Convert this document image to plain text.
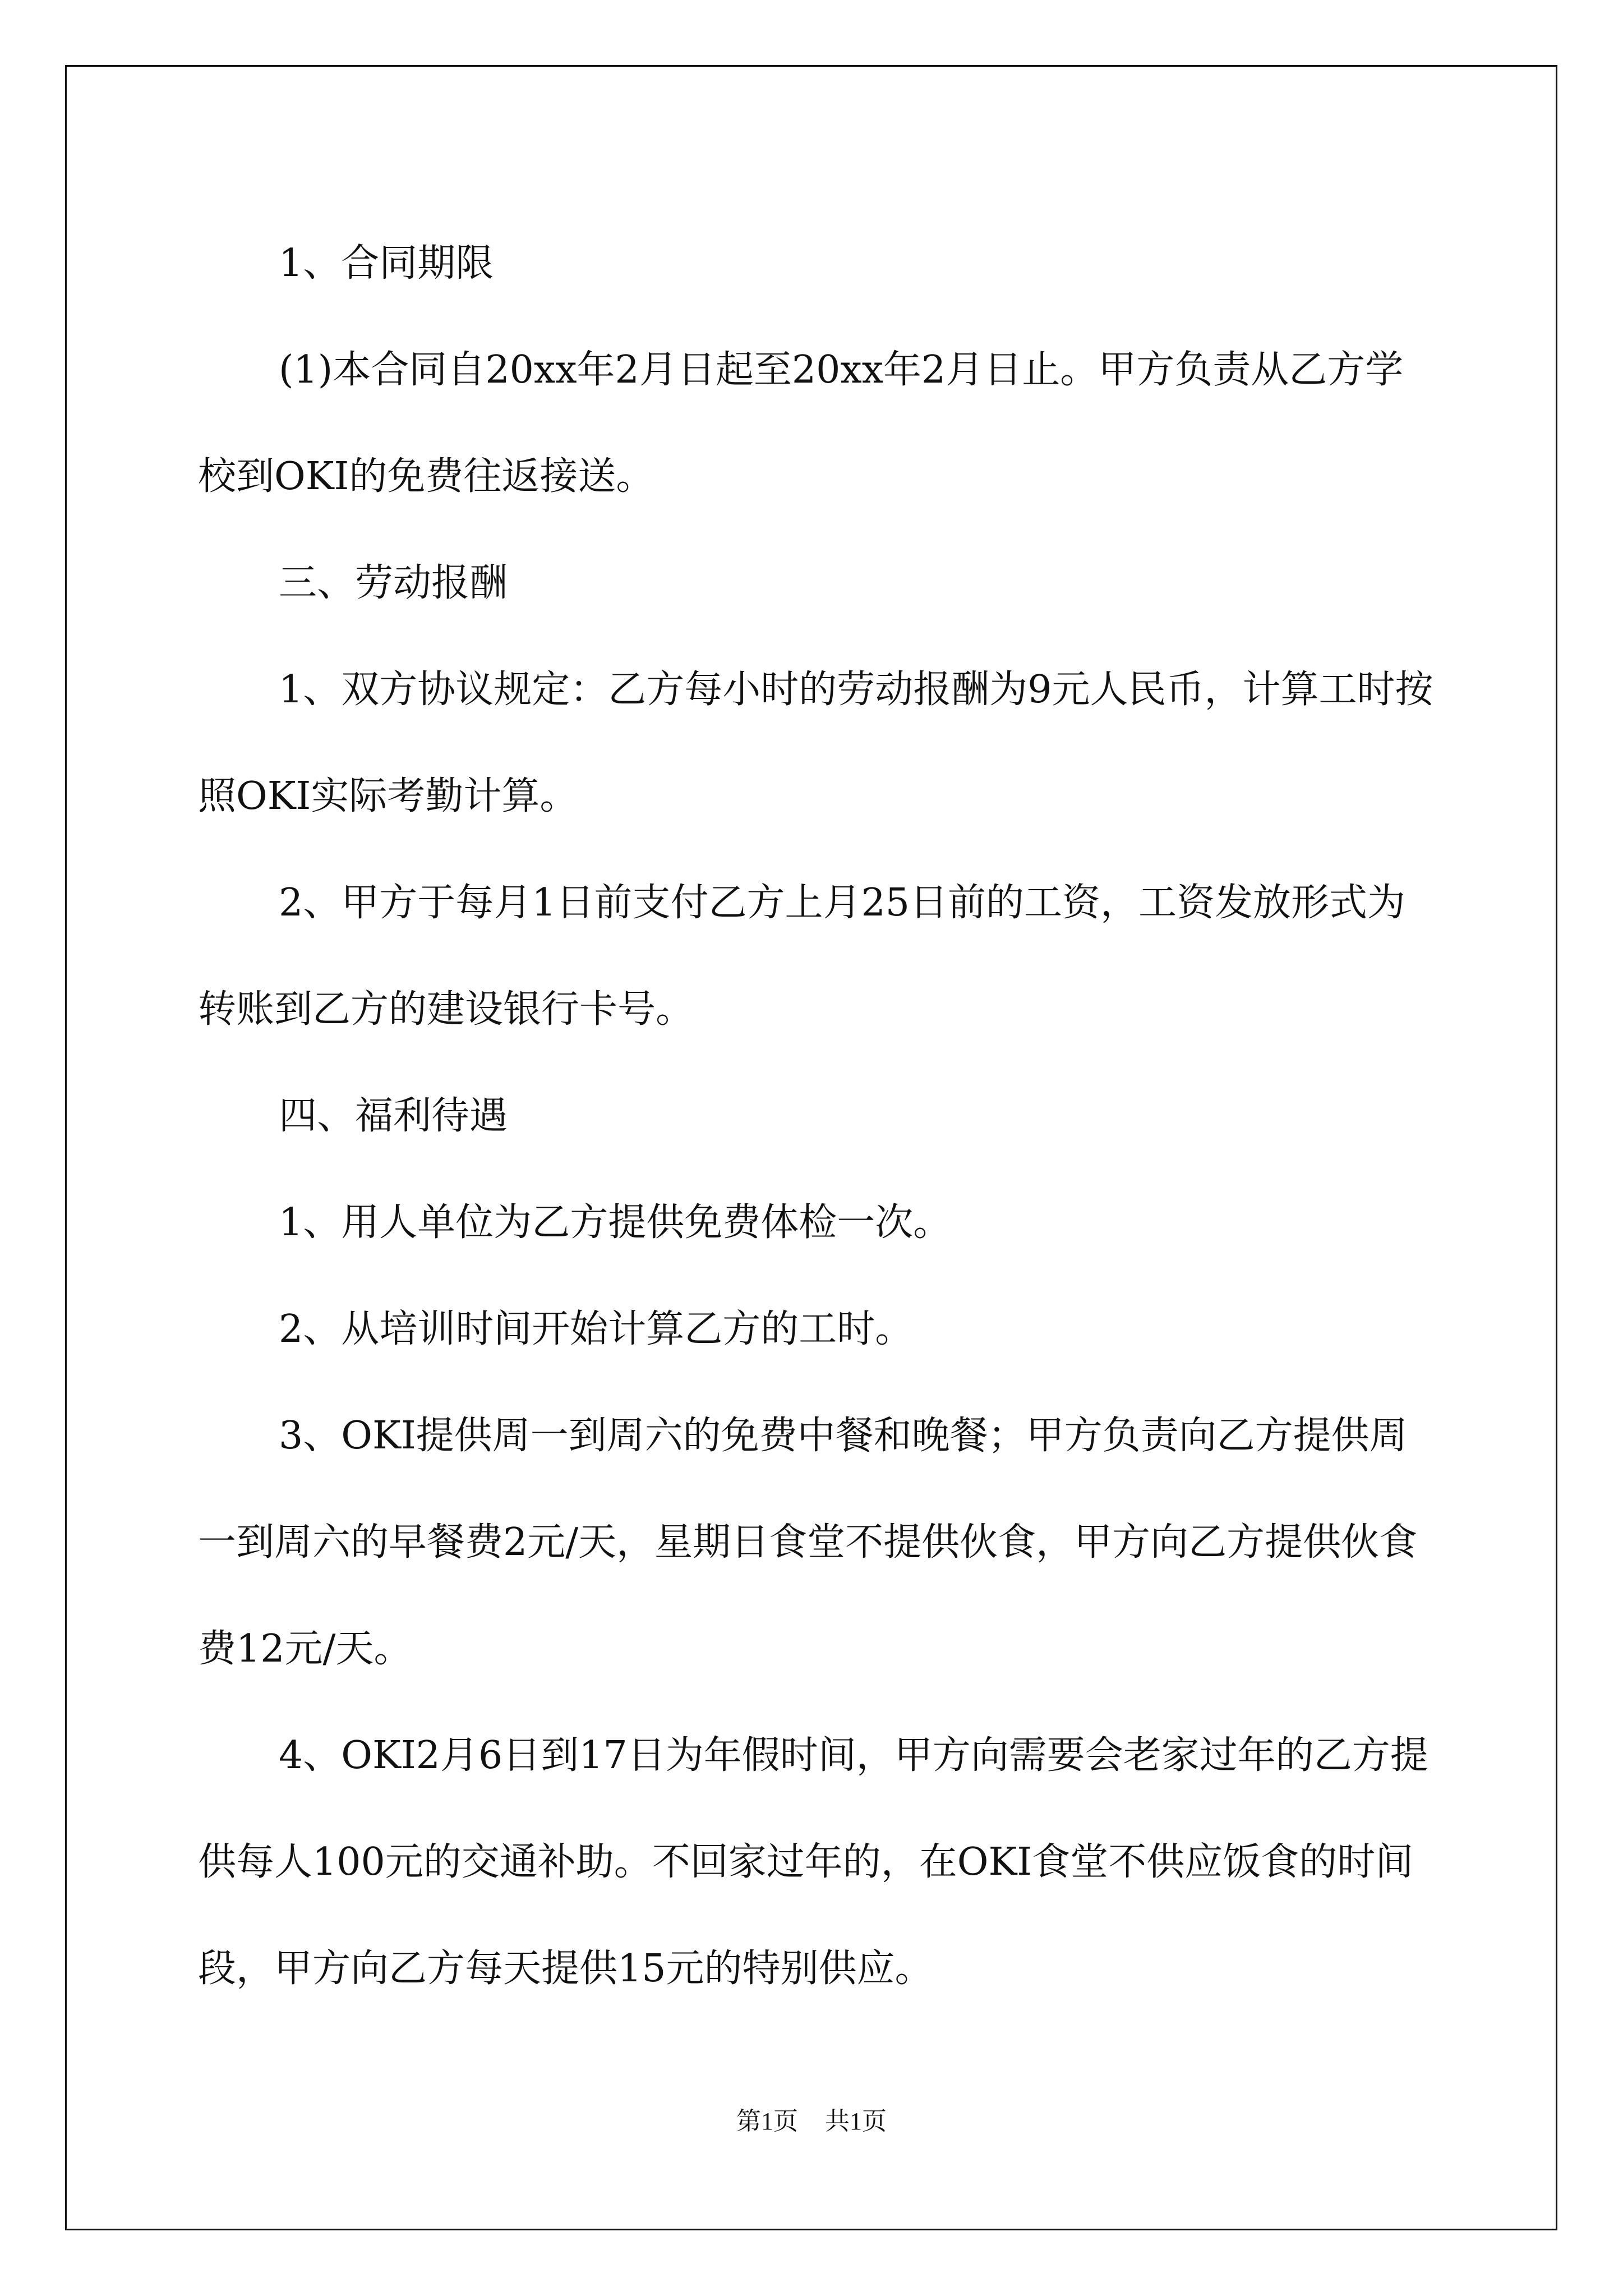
1、合同期限

(1)本合同自20xx年2月日起至20xx年2月日止。甲方负责从乙方学校到OKI的免费往返接送。

三、劳动报酬

1、双方协议规定：乙方每小时的劳动报酬为9元人民币，计算工时按照OKI实际考勤计算。

2、甲方于每月1日前支付乙方上月25日前的工资，工资发放形式为转账到乙方的建设银行卡号。

四、福利待遇

1、用人单位为乙方提供免费体检一次。

2、从培训时间开始计算乙方的工时。

3、OKI提供周一到周六的免费中餐和晚餐；甲方负责向乙方提供周一到周六的早餐费2元/天，星期日食堂不提供伙食，甲方向乙方提供伙食费12元/天。

4、OKI2月6日到17日为年假时间，甲方向需要会老家过年的乙方提供每人100元的交通补助。不回家过年的，在OKI食堂不供应饭食的时间段，甲方向乙方每天提供15元的特别供应。

第1页 共1页
